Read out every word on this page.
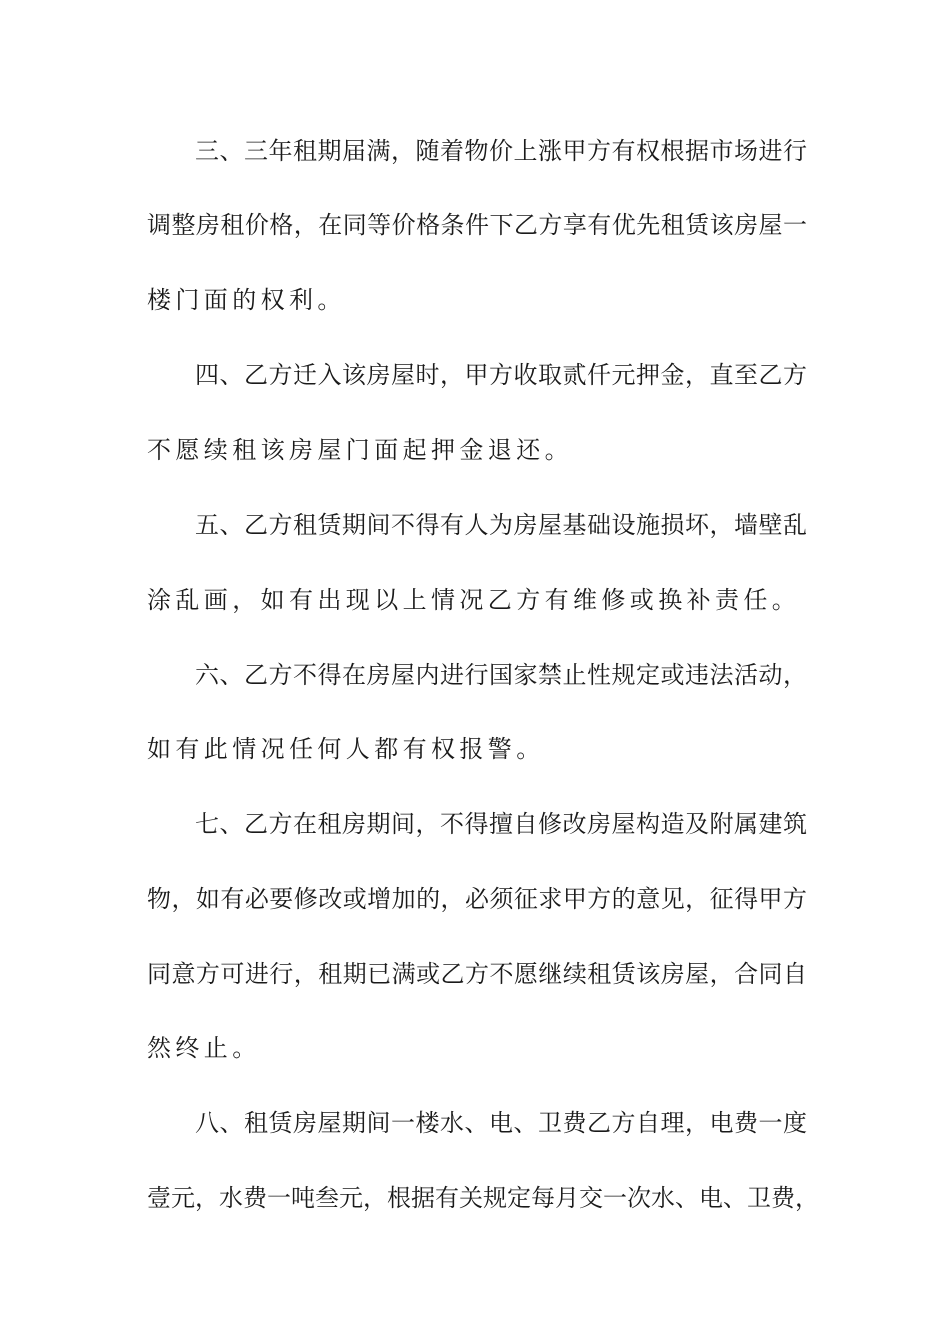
三、三年租期届满，随着物价上涨甲方有权根据市场进行
调整房租价格，在同等价格条件下乙方享有优先租赁该房屋一
楼门面的权利。
四、乙方迁入该房屋时，甲方收取贰仟元押金，直至乙方
不愿续租该房屋门面起押金退还。
五、乙方租赁期间不得有人为房屋基础设施损坏，墙壁乱
涂乱画，如有出现以上情况乙方有维修或换补责任。
六、乙方不得在房屋内进行国家禁止性规定或违法活动，
如有此情况任何人都有权报警。
七、乙方在租房期间，不得擅自修改房屋构造及附属建筑
物，如有必要修改或增加的，必须征求甲方的意见，征得甲方
同意方可进行，租期已满或乙方不愿继续租赁该房屋，合同自
然终止。
八、租赁房屋期间一楼水、电、卫费乙方自理，电费一度
壹元，水费一吨叁元，根据有关规定每月交一次水、电、卫费，
